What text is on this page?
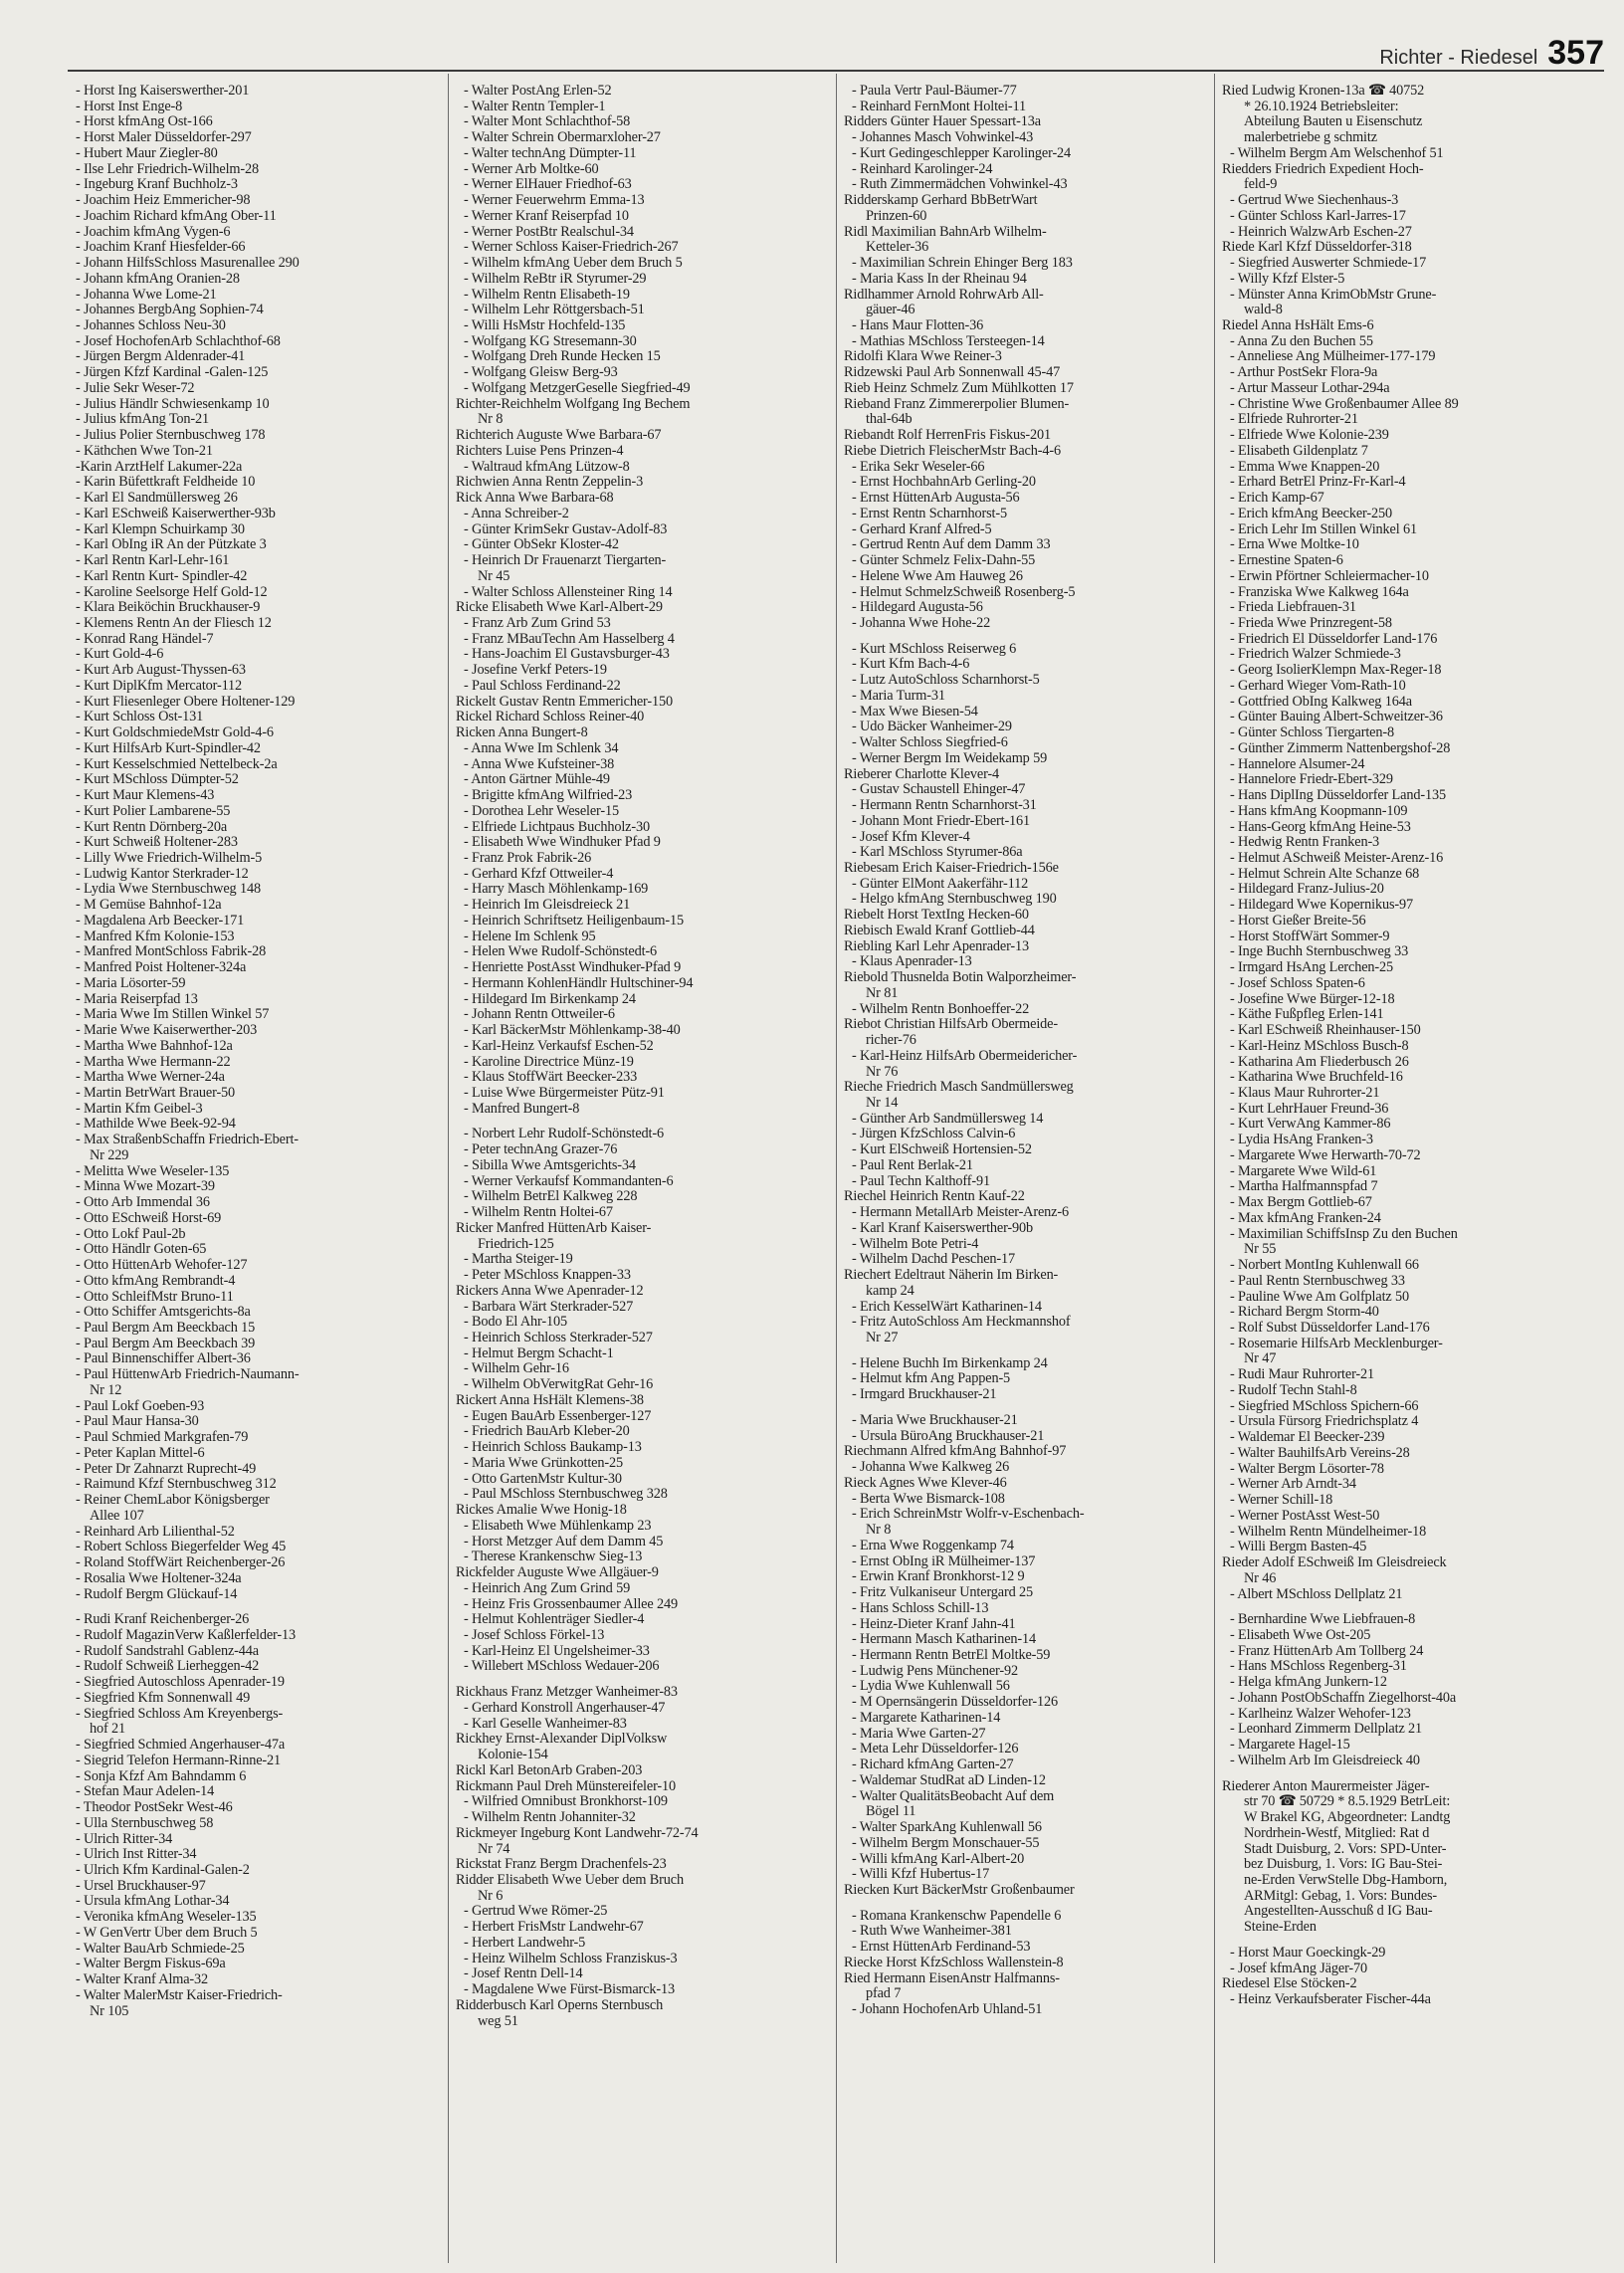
Richter - Riedesel 357

- Horst Ing Kaiserswerther-201

- Horst Inst Enge-8

- Horst kfmAng Ost-166

- Horst Maler Düsseldorfer-297

- Hubert Maur Ziegler-80

- Ilse Lehr Friedrich-Wilhelm-28

- Ingeburg Kranf Buchholz-3

- Joachim Heiz Emmericher-98

- Joachim Richard kfmAng Ober-11

- Joachim kfmAng Vygen-6

- Joachim Kranf Hiesfelder-66

- Johann HilfsSchloss Masurenallee 290

- Johann kfmAng Oranien-28

- Johanna Wwe Lome-21

- Johannes BergbAng Sophien-74

- Johannes Schloss Neu-30

- Josef HochofenArb Schlachthof-68

- Jürgen Bergm Aldenrader-41

- Jürgen Kfzf Kardinal -Galen-125

- Julie Sekr Weser-72

- Julius Händlr Schwiesenkamp 10

- Julius kfmAng Ton-21

- Julius Polier Sternbuschweg 178

- Käthchen Wwe Ton-21

-Karin ArztHelf Lakumer-22a

- Karin Büfettkraft Feldheide 10

- Karl El Sandmüllersweg 26

- Karl ESchweiß Kaiserwerther-93b

- Karl Klempn Schuirkamp 30

- Karl ObIng iR An der Pützkate 3

- Karl Rentn Karl-Lehr-161

- Karl Rentn Kurt- Spindler-42

- Karoline Seelsorge Helf Gold-12

- Klara Beiköchin Bruckhauser-9

- Klemens Rentn An der Fliesch 12

- Konrad Rang Händel-7

- Kurt Gold-4-6

- Kurt Arb August-Thyssen-63

- Kurt DiplKfm Mercator-112

- Kurt Fliesenleger Obere Holtener-129

- Kurt Schloss Ost-131

- Kurt GoldschmiedeMstr Gold-4-6

- Kurt HilfsArb Kurt-Spindler-42

- Kurt Kesselschmied Nettelbeck-2a

- Kurt MSchloss Dümpter-52

- Kurt Maur Klemens-43

- Kurt Polier Lambarene-55

- Kurt Rentn Dörnberg-20a

- Kurt Schweiß Holtener-283

- Lilly Wwe Friedrich-Wilhelm-5

- Ludwig Kantor Sterkrader-12

- Lydia Wwe Sternbuschweg 148

- M Gemüse Bahnhof-12a

- Magdalena Arb Beecker-171

- Manfred Kfm Kolonie-153

- Manfred MontSchloss Fabrik-28

- Manfred Poist Holtener-324a

- Maria Lösorter-59

- Maria Reiserpfad 13

- Maria Wwe Im Stillen Winkel 57

- Marie Wwe Kaiserwerther-203

- Martha Wwe Bahnhof-12a

- Martha Wwe Hermann-22

- Martha Wwe Werner-24a

- Martin BetrWart Brauer-50

- Martin Kfm Geibel-3

- Mathilde Wwe Beek-92-94

- Max StraßenbSchaffn Friedrich-Ebert-

Nr 229

- Melitta Wwe Weseler-135

- Minna Wwe Mozart-39

- Otto Arb Immendal 36

- Otto ESchweiß Horst-69

- Otto Lokf Paul-2b

- Otto Händlr Goten-65

- Otto HüttenArb Wehofer-127

- Otto kfmAng Rembrandt-4

- Otto SchleifMstr Bruno-11

- Otto Schiffer Amtsgerichts-8a

- Paul Bergm Am Beeckbach 15

- Paul Bergm Am Beeckbach 39

- Paul Binnenschiffer Albert-36

- Paul HüttenwArb Friedrich-Naumann-

Nr 12

- Paul Lokf Goeben-93

- Paul Maur Hansa-30

- Paul Schmied Markgrafen-79

- Peter Kaplan Mittel-6

- Peter Dr Zahnarzt Ruprecht-49

- Raimund Kfzf Sternbuschweg 312

- Reiner ChemLabor Königsberger

Allee 107

- Reinhard Arb Lilienthal-52

- Robert Schloss Biegerfelder Weg 45

- Roland StoffWärt Reichenberger-26

- Rosalia Wwe Holtener-324a

- Rudolf Bergm Glückauf-14

- Rudi Kranf Reichenberger-26

- Rudolf MagazinVerw Kaßlerfelder-13

- Rudolf Sandstrahl Gablenz-44a

- Rudolf Schweiß Lierheggen-42

- Siegfried Autoschloss Apenrader-19

- Siegfried Kfm Sonnenwall 49

- Siegfried Schloss Am Kreyenbergs-

hof 21

- Siegfried Schmied Angerhauser-47a

- Siegrid Telefon Hermann-Rinne-21

- Sonja Kfzf Am Bahndamm 6

- Stefan Maur Adelen-14

- Theodor PostSekr West-46

- Ulla Sternbuschweg 58

- Ulrich Ritter-34

- Ulrich Inst Ritter-34

- Ulrich Kfm Kardinal-Galen-2

- Ursel Bruckhauser-97

- Ursula kfmAng Lothar-34

- Veronika kfmAng Weseler-135

- W GenVertr Über dem Bruch 5

- Walter BauArb Schmiede-25

- Walter Bergm Fiskus-69a

- Walter Kranf Alma-32

- Walter MalerMstr Kaiser-Friedrich-

Nr 105

- Walter PostAng Erlen-52

- Walter Rentn Templer-1

- Walter Mont Schlachthof-58

- Walter Schrein Obermarxloher-27

- Walter technAng Dümpter-11

- Werner Arb Moltke-60

- Werner ElHauer Friedhof-63

- Werner Feuerwehrm Emma-13

- Werner Kranf Reiserpfad 10

- Werner PostBtr Realschul-34

- Werner Schloss Kaiser-Friedrich-267

- Wilhelm kfmAng Ueber dem Bruch 5

- Wilhelm ReBtr iR Styrumer-29

- Wilhelm Rentn Elisabeth-19

- Wilhelm Lehr Röttgersbach-51

- Willi HsMstr Hochfeld-135

- Wolfgang KG Stresemann-30

- Wolfgang Dreh Runde Hecken 15

- Wolfgang Gleisw Berg-93

- Wolfgang MetzgerGeselle Siegfried-49

Richter-Reichhelm Wolfgang Ing Bechem

Nr 8

Richterich Auguste Wwe Barbara-67

Richters Luise Pens Prinzen-4

- Waltraud kfmAng Lützow-8

Richwien Anna Rentn Zeppelin-3

Rick Anna Wwe Barbara-68

- Anna Schreiber-2

- Günter KrimSekr Gustav-Adolf-83

- Günter ObSekr Kloster-42

- Heinrich Dr Frauenarzt Tiergarten-

Nr 45

- Walter Schloss Allensteiner Ring 14

Ricke Elisabeth Wwe Karl-Albert-29

- Franz Arb Zum Grind 53

- Franz MBauTechn Am Hasselberg 4

- Hans-Joachim El Gustavsburger-43

- Josefine Verkf Peters-19

- Paul Schloss Ferdinand-22

Rickelt Gustav Rentn Emmericher-150

Rickel Richard Schloss Reiner-40

Ricken Anna Bungert-8

- Anna Wwe Im Schlenk 34

- Anna Wwe Kufsteiner-38

- Anton Gärtner Mühle-49

- Brigitte kfmAng Wilfried-23

- Dorothea Lehr Weseler-15

- Elfriede Lichtpaus Buchholz-30

- Elisabeth Wwe Windhuker Pfad 9

- Franz Prok Fabrik-26

- Gerhard Kfzf Ottweiler-4

- Harry Masch Möhlenkamp-169

- Heinrich Im Gleisdreieck 21

- Heinrich Schriftsetz Heiligenbaum-15

- Helene Im Schlenk 95

- Helen Wwe Rudolf-Schönstedt-6

- Henriette PostAsst Windhuker-Pfad 9

- Hermann KohlenHändlr Hultschiner-94

- Hildegard Im Birkenkamp 24

- Johann Rentn Ottweiler-6

- Karl BäckerMstr Möhlenkamp-38-40

- Karl-Heinz Verkaufsf Eschen-52

- Karoline Directrice Münz-19

- Klaus StoffWärt Beecker-233

- Luise Wwe Bürgermeister Pütz-91

- Manfred Bungert-8

- Norbert Lehr Rudolf-Schönstedt-6

- Peter technAng Grazer-76

- Sibilla Wwe Amtsgerichts-34

- Werner Verkaufsf Kommandanten-6

- Wilhelm BetrEl Kalkweg 228

- Wilhelm Rentn Holtei-67

Ricker Manfred HüttenArb Kaiser-

Friedrich-125

- Martha Steiger-19

- Peter MSchloss Knappen-33

Rickers Anna Wwe Apenrader-12

- Barbara Wärt Sterkrader-527

- Bodo El Ahr-105

- Heinrich Schloss Sterkrader-527

- Helmut Bergm Schacht-1

- Wilhelm Gehr-16

- Wilhelm ObVerwitgRat Gehr-16

Rickert Anna HsHält Klemens-38

- Eugen BauArb Essenberger-127

- Friedrich BauArb Kleber-20

- Heinrich Schloss Baukamp-13

- Maria Wwe Grünkotten-25

- Otto GartenMstr Kultur-30

- Paul MSchloss Sternbuschweg 328

Rickes Amalie Wwe Honig-18

- Elisabeth Wwe Mühlenkamp 23

- Horst Metzger Auf dem Damm 45

- Therese Krankenschw Sieg-13

Rickfelder Auguste Wwe Allgäuer-9

- Heinrich Ang Zum Grind 59

- Heinz Fris Grossenbaumer Allee 249

- Helmut Kohlenträger Siedler-4

- Josef Schloss Förkel-13

- Karl-Heinz El Ungelsheimer-33

- Willebert MSchloss Wedauer-206

Rickhaus Franz Metzger Wanheimer-83

- Gerhard Konstroll Angerhauser-47

- Karl Geselle Wanheimer-83

Rickhey Ernst-Alexander DiplVolksw

Kolonie-154

Rickl Karl BetonArb Graben-203

Rickmann Paul Dreh Münstereifeler-10

- Wilfried Omnibust Bronkhorst-109

- Wilhelm Rentn Johanniter-32

Rickmeyer Ingeburg Kont Landwehr-72-74

Nr 74

Rickstat Franz Bergm Drachenfels-23

Ridder Elisabeth Wwe Ueber dem Bruch

Nr 6

- Gertrud Wwe Römer-25

- Herbert FrisMstr Landwehr-67

- Herbert Landwehr-5

- Heinz Wilhelm Schloss Franziskus-3

- Josef Rentn Dell-14

- Magdalene Wwe Fürst-Bismarck-13

Ridderbusch Karl Operns Sternbusch

weg 51

- Paula Vertr Paul-Bäumer-77

- Reinhard FernMont Holtei-11

Ridders Günter Hauer Spessart-13a

- Johannes Masch Vohwinkel-43

- Kurt Gedingeschlepper Karolinger-24

- Reinhard Karolinger-24

- Ruth Zimmermädchen Vohwinkel-43

Ridderskamp Gerhard BbBetrWart

Prinzen-60

Ridl Maximilian BahnArb Wilhelm-

Ketteler-36

- Maximilian Schrein Ehinger Berg 183

- Maria Kass In der Rheinau 94

Ridlhammer Arnold RohrwArb All-

gäuer-46

- Hans Maur Flotten-36

- Mathias MSchloss Tersteegen-14

Ridolfi Klara Wwe Reiner-3

Ridzewski Paul Arb Sonnenwall 45-47

Rieb Heinz Schmelz Zum Mühlkotten 17

Rieband Franz Zimmererpolier Blumen-

thal-64b

Riebandt Rolf HerrenFris Fiskus-201

Riebe Dietrich FleischerMstr Bach-4-6

- Erika Sekr Weseler-66

- Ernst HochbahnArb Gerling-20

- Ernst HüttenArb Augusta-56

- Ernst Rentn Scharnhorst-5

- Gerhard Kranf Alfred-5

- Gertrud Rentn Auf dem Damm 33

- Günter Schmelz Felix-Dahn-55

- Helene Wwe Am Hauweg 26

- Helmut SchmelzSchweiß Rosenberg-5

- Hildegard Augusta-56

- Johanna Wwe Hohe-22

- Kurt MSchloss Reiserweg 6

- Kurt Kfm Bach-4-6

- Lutz AutoSchloss Scharnhorst-5

- Maria Turm-31

- Max Wwe Biesen-54

- Udo Bäcker Wanheimer-29

- Walter Schloss Siegfried-6

- Werner Bergm Im Weidekamp 59

Rieberer Charlotte Klever-4

- Gustav Schaustell Ehinger-47

- Hermann Rentn Scharnhorst-31

- Johann Mont Friedr-Ebert-161

- Josef Kfm Klever-4

- Karl MSchloss Styrumer-86a

Riebesam Erich Kaiser-Friedrich-156e

- Günter ElMont Aakerfähr-112

- Helgo kfmAng Sternbuschweg 190

Riebelt Horst TextIng Hecken-60

Riebisch Ewald Kranf Gottlieb-44

Riebling Karl Lehr Apenrader-13

- Klaus Apenrader-13

Riebold Thusnelda Botin Walporzheimer-

Nr 81

- Wilhelm Rentn Bonhoeffer-22

Riebot Christian HilfsArb Obermeide-

richer-76

- Karl-Heinz HilfsArb Obermeidericher-

Nr 76

Rieche Friedrich Masch Sandmüllersweg

Nr 14

- Günther Arb Sandmüllersweg 14

- Jürgen KfzSchloss Calvin-6

- Kurt ElSchweiß Hortensien-52

- Paul Rent Berlak-21

- Paul Techn Kalthoff-91

Riechel Heinrich Rentn Kauf-22

- Hermann MetallArb Meister-Arenz-6

- Karl Kranf Kaiserswerther-90b

- Wilhelm Bote Petri-4

- Wilhelm Dachd Peschen-17

Riechert Edeltraut Näherin Im Birken-

kamp 24

- Erich KesselWärt Katharinen-14

- Fritz AutoSchloss Am Heckmannshof

Nr 27

- Helene Buchh Im Birkenkamp 24

- Helmut kfm Ang Pappen-5

- Irmgard Bruckhauser-21

- Maria Wwe Bruckhauser-21

- Ursula BüroAng Bruckhauser-21

Riechmann Alfred kfmAng Bahnhof-97

- Johanna Wwe Kalkweg 26

Rieck Agnes Wwe Klever-46

- Berta Wwe Bismarck-108

- Erich SchreinMstr Wolfr-v-Eschenbach-

Nr 8

- Erna Wwe Roggenkamp 74

- Ernst ObIng iR Mülheimer-137

- Erwin Kranf Bronkhorst-12 9

- Fritz Vulkaniseur Untergard 25

- Hans Schloss Schill-13

- Heinz-Dieter Kranf Jahn-41

- Hermann Masch Katharinen-14

- Hermann Rentn BetrEl Moltke-59

- Ludwig Pens Münchener-92

- Lydia Wwe Kuhlenwall 56

- M Opernsängerin Düsseldorfer-126

- Margarete Katharinen-14

- Maria Wwe Garten-27

- Meta Lehr Düsseldorfer-126

- Richard kfmAng Garten-27

- Waldemar StudRat aD Linden-12

- Walter QualitätsBeobacht Auf dem

Bögel 11

- Walter SparkAng Kuhlenwall 56

- Wilhelm Bergm Monschauer-55

- Willi kfmAng Karl-Albert-20

- Willi Kfzf Hubertus-17

Riecken Kurt BäckerMstr Großenbaumer

- Romana Krankenschw Papendelle 6

- Ruth Wwe Wanheimer-381

- Ernst HüttenArb Ferdinand-53

Riecke Horst KfzSchloss Wallenstein-8

Ried Hermann EisenAnstr Halfmanns-

pfad 7

- Johann HochofenArb Uhland-51

Ried Ludwig Kronen-13a ☎ 40752

* 26.10.1924 Betriebsleiter:

Abteilung Bauten u Eisenschutz

malerbetriebe g schmitz

- Wilhelm Bergm Am Welschenhof 51

Riedders Friedrich Expedient Hoch-

feld-9

- Gertrud Wwe Siechenhaus-3

- Günter Schloss Karl-Jarres-17

- Heinrich WalzwArb Eschen-27

Riede Karl Kfzf Düsseldorfer-318

- Siegfried Auswerter Schmiede-17

- Willy Kfzf Elster-5

- Münster Anna KrimObMstr Grune-

wald-8

Riedel Anna HsHält Ems-6

- Anna Zu den Buchen 55

- Anneliese Ang Mülheimer-177-179

- Arthur PostSekr Flora-9a

- Artur Masseur Lothar-294a

- Christine Wwe Großenbaumer Allee 89

- Elfriede Ruhrorter-21

- Elfriede Wwe Kolonie-239

- Elisabeth Gildenplatz 7

- Emma Wwe Knappen-20

- Erhard BetrEl Prinz-Fr-Karl-4

- Erich Kamp-67

- Erich kfmAng Beecker-250

- Erich Lehr Im Stillen Winkel 61

- Erna Wwe Moltke-10

- Ernestine Spaten-6

- Erwin Pförtner Schleiermacher-10

- Franziska Wwe Kalkweg 164a

- Frieda Liebfrauen-31

- Frieda Wwe Prinzregent-58

- Friedrich El Düsseldorfer Land-176

- Friedrich Walzer Schmiede-3

- Georg IsolierKlempn Max-Reger-18

- Gerhard Wieger Vom-Rath-10

- Gottfried ObIng Kalkweg 164a

- Günter Bauing Albert-Schweitzer-36

- Günter Schloss Tiergarten-8

- Günther Zimmerm Nattenbergshof-28

- Hannelore Alsumer-24

- Hannelore Friedr-Ebert-329

- Hans DiplIng Düsseldorfer Land-135

- Hans kfmAng Koopmann-109

- Hans-Georg kfmAng Heine-53

- Hedwig Rentn Franken-3

- Helmut ASchweiß Meister-Arenz-16

- Helmut Schrein Alte Schanze 68

- Hildegard Franz-Julius-20

- Hildegard Wwe Kopernikus-97

- Horst Gießer Breite-56

- Horst StoffWärt Sommer-9

- Inge Buchh Sternbuschweg 33

- Irmgard HsAng Lerchen-25

- Josef Schloss Spaten-6

- Josefine Wwe Bürger-12-18

- Käthe Fußpfleg Erlen-141

- Karl ESchweiß Rheinhauser-150

- Karl-Heinz MSchloss Busch-8

- Katharina Am Fliederbusch 26

- Katharina Wwe Bruchfeld-16

- Klaus Maur Ruhrorter-21

- Kurt LehrHauer Freund-36

- Kurt VerwAng Kammer-86

- Lydia HsAng Franken-3

- Margarete Wwe Herwarth-70-72

- Margarete Wwe Wild-61

- Martha Halfmannspfad 7

- Max Bergm Gottlieb-67

- Max kfmAng Franken-24

- Maximilian SchiffsInsp Zu den Buchen

Nr 55

- Norbert MontIng Kuhlenwall 66

- Paul Rentn Sternbuschweg 33

- Pauline Wwe Am Golfplatz 50

- Richard Bergm Storm-40

- Rolf Subst Düsseldorfer Land-176

- Rosemarie HilfsArb Mecklenburger-

Nr 47

- Rudi Maur Ruhrorter-21

- Rudolf Techn Stahl-8

- Siegfried MSchloss Spichern-66

- Ursula Fürsorg Friedrichsplatz 4

- Waldemar El Beecker-239

- Walter BauhilfsArb Vereins-28

- Walter Bergm Lösorter-78

- Werner Arb Arndt-34

- Werner Schill-18

- Werner PostAsst West-50

- Wilhelm Rentn Mündelheimer-18

- Willi Bergm Basten-45

Rieder Adolf ESchweiß Im Gleisdreieck

Nr 46

- Albert MSchloss Dellplatz 21

- Bernhardine Wwe Liebfrauen-8

- Elisabeth Wwe Ost-205

- Franz HüttenArb Am Tollberg 24

- Hans MSchloss Regenberg-31

- Helga kfmAng Junkern-12

- Johann PostObSchaffn Ziegelhorst-40a

- Karlheinz Walzer Wehofer-123

- Leonhard Zimmerm Dellplatz 21

- Margarete Hagel-15

- Wilhelm Arb Im Gleisdreieck 40

Riederer Anton Maurermeister Jäger-

str 70 ☎ 50729 * 8.5.1929 BetrLeit:

W Brakel KG, Abgeordneter: Landtg

Nordrhein-Westf, Mitglied: Rat d

Stadt Duisburg, 2. Vors: SPD-Unter-

bez Duisburg, 1. Vors: IG Bau-Stei-

ne-Erden VerwStelle Dbg-Hamborn,

ARMitgl: Gebag, 1. Vors: Bundes-

Angestellten-Ausschuß d IG Bau-

Steine-Erden

- Horst Maur Goeckingk-29

- Josef kfmAng Jäger-70

Riedesel Else Stöcken-2

- Heinz Verkaufsberater Fischer-44a
